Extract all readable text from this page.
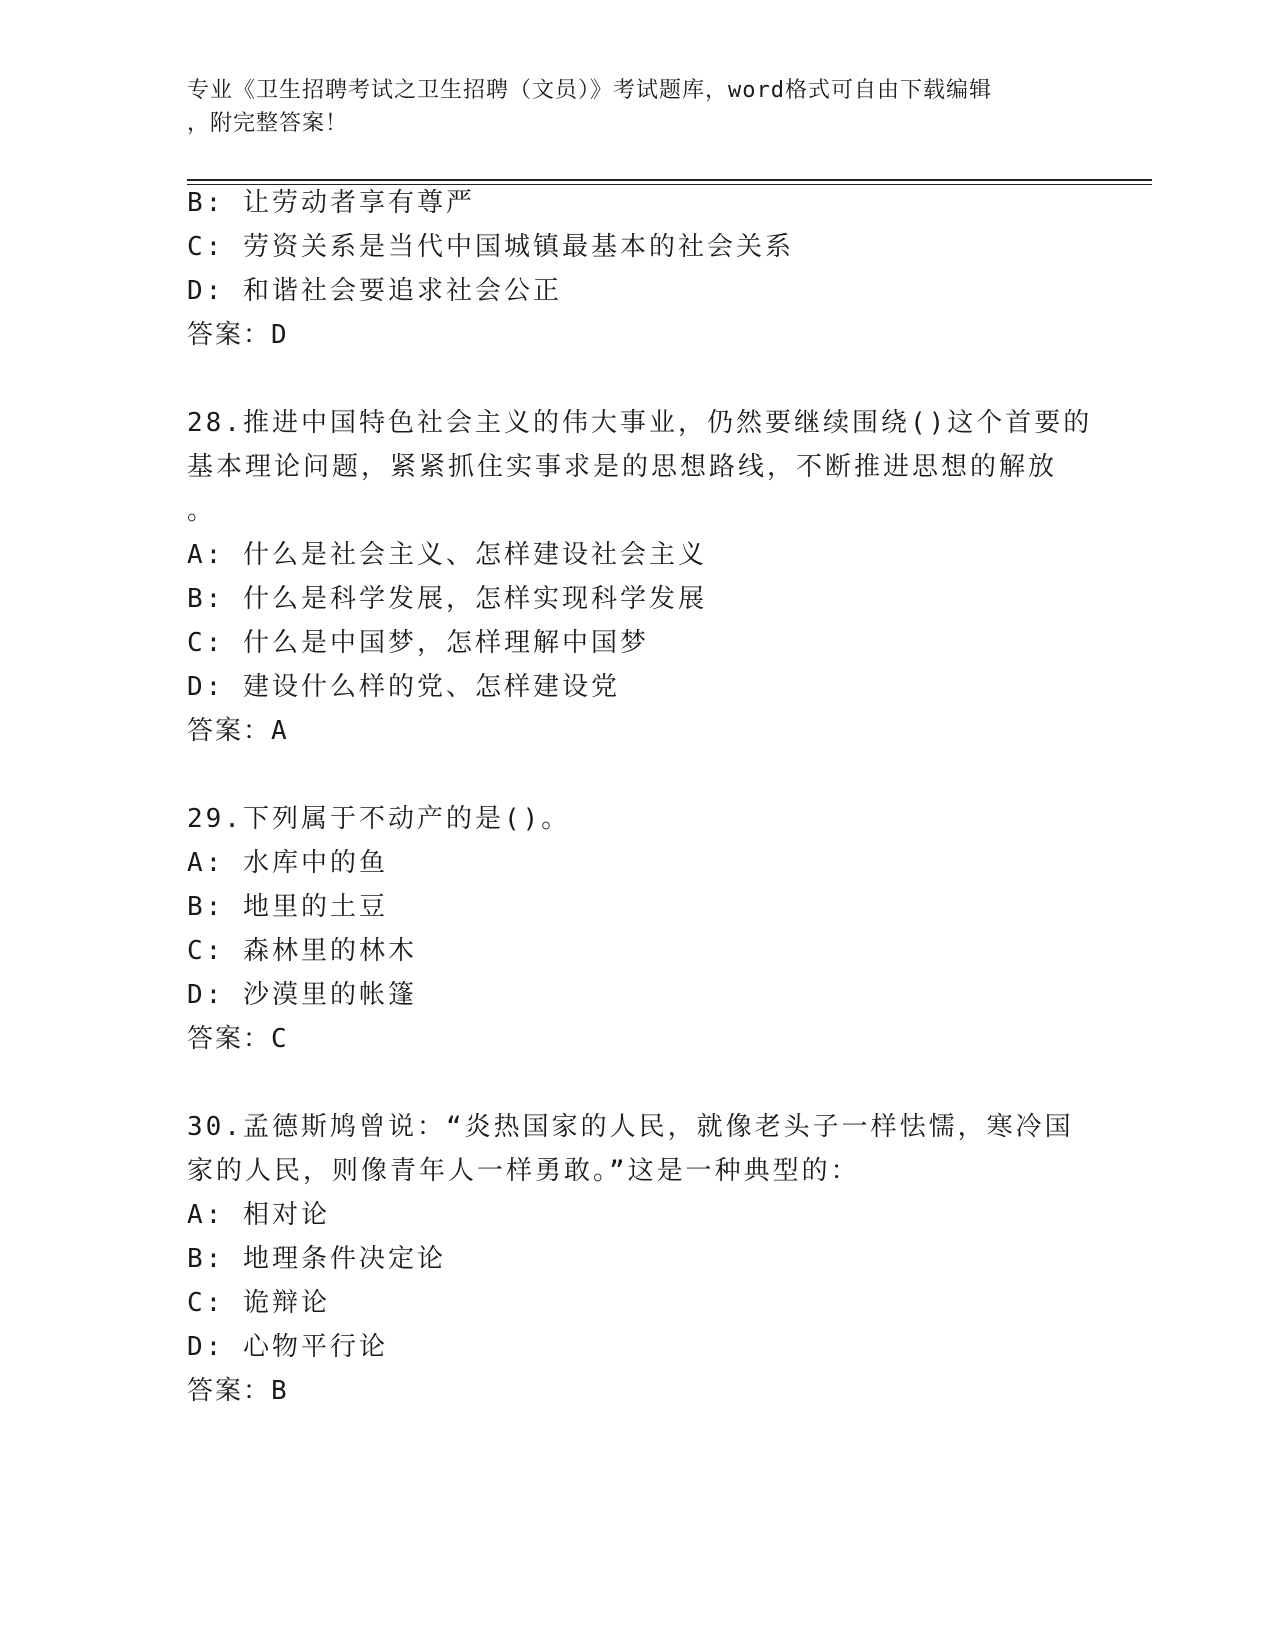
专业《卫生招聘考试之卫生招聘（文员）》考试题库，word格式可自由下载编辑
，附完整答案！
B: 让劳动者享有尊严
C: 劳资关系是当代中国城镇最基本的社会关系
D: 和谐社会要追求社会公正
答案：D
28.推进中国特色社会主义的伟大事业，仍然要继续围绕()这个首要的
基本理论问题，紧紧抓住实事求是的思想路线，不断推进思想的解放
。
A: 什么是社会主义、怎样建设社会主义
B: 什么是科学发展，怎样实现科学发展
C: 什么是中国梦，怎样理解中国梦
D: 建设什么样的党、怎样建设党
答案：A
29.下列属于不动产的是()。
A: 水库中的鱼
B: 地里的土豆
C: 森林里的林木
D: 沙漠里的帐篷
答案：C
30.孟德斯鸠曾说：“炎热国家的人民，就像老头子一样怯懦，寒冷国
家的人民，则像青年人一样勇敢。”这是一种典型的：
A: 相对论
B: 地理条件决定论
C: 诡辩论
D: 心物平行论
答案：B
